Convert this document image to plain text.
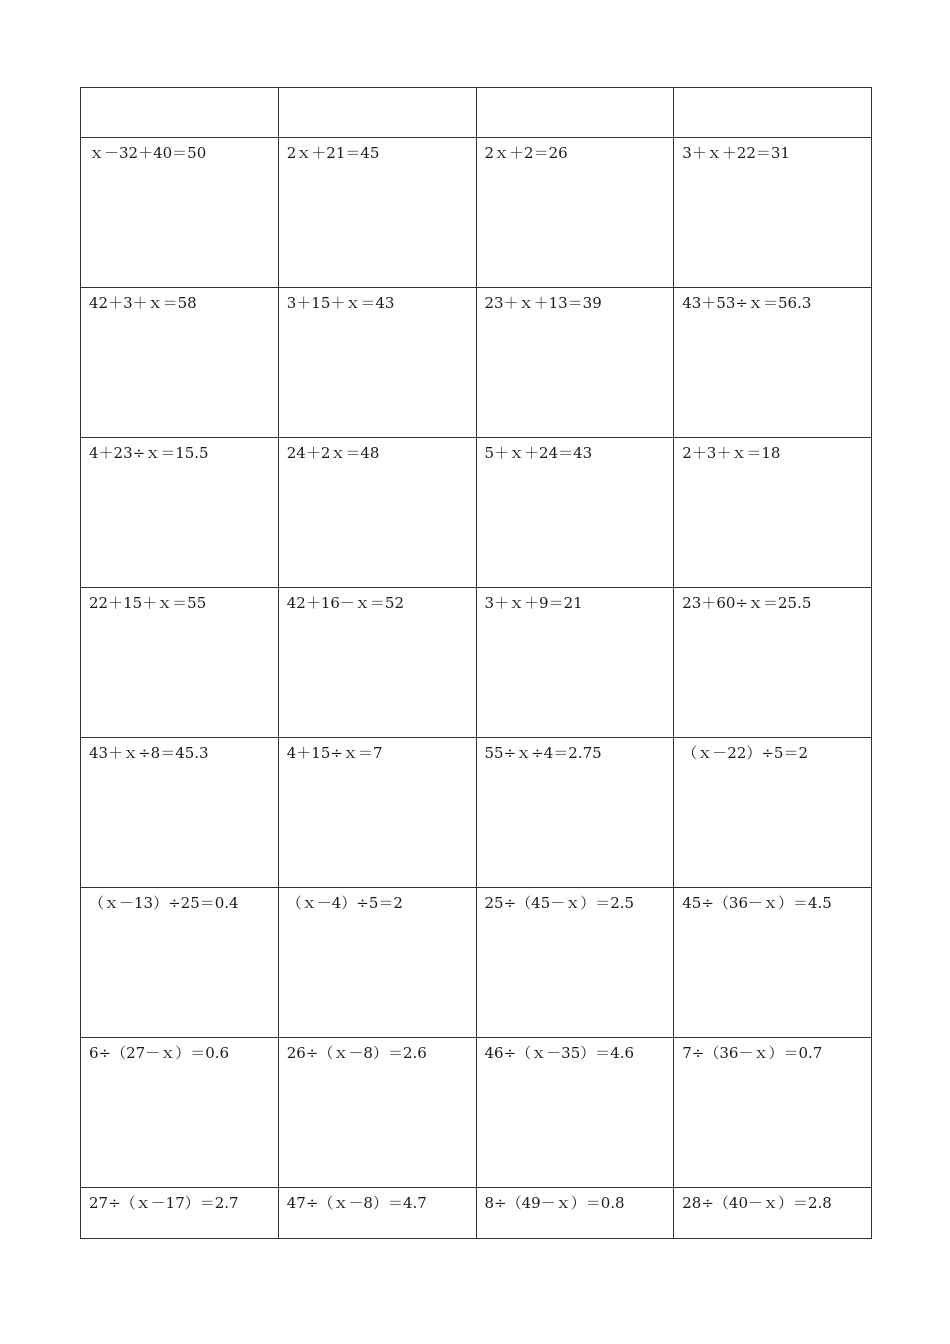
ｘ－32＋40＝50	2ｘ＋21＝45	2ｘ＋2＝26	3＋ｘ＋22＝31
42＋3＋ｘ＝58	3＋15＋ｘ＝43	23＋ｘ＋13＝39	43＋53÷ｘ＝56.3
4＋23÷ｘ＝15.5	24＋2ｘ＝48	5＋ｘ＋24＝43	2＋3＋ｘ＝18
22＋15＋ｘ＝55	42＋16－ｘ＝52	3＋ｘ＋9＝21	23＋60÷ｘ＝25.5
43＋ｘ÷8＝45.3	4＋15÷ｘ＝7	55÷ｘ÷4＝2.75	（ｘ－22）÷5＝2
（ｘ－13）÷25＝0.4	（ｘ－4）÷5＝2	25÷（45－ｘ）＝2.5	45÷（36－ｘ）＝4.5
6÷（27－ｘ）＝0.6	26÷（ｘ－8）＝2.6	46÷（ｘ－35）＝4.6	7÷（36－ｘ）＝0.7
27÷（ｘ－17）＝2.7	47÷（ｘ－8）＝4.7	8÷（49－ｘ）＝0.8	28÷（40－ｘ）＝2.8
